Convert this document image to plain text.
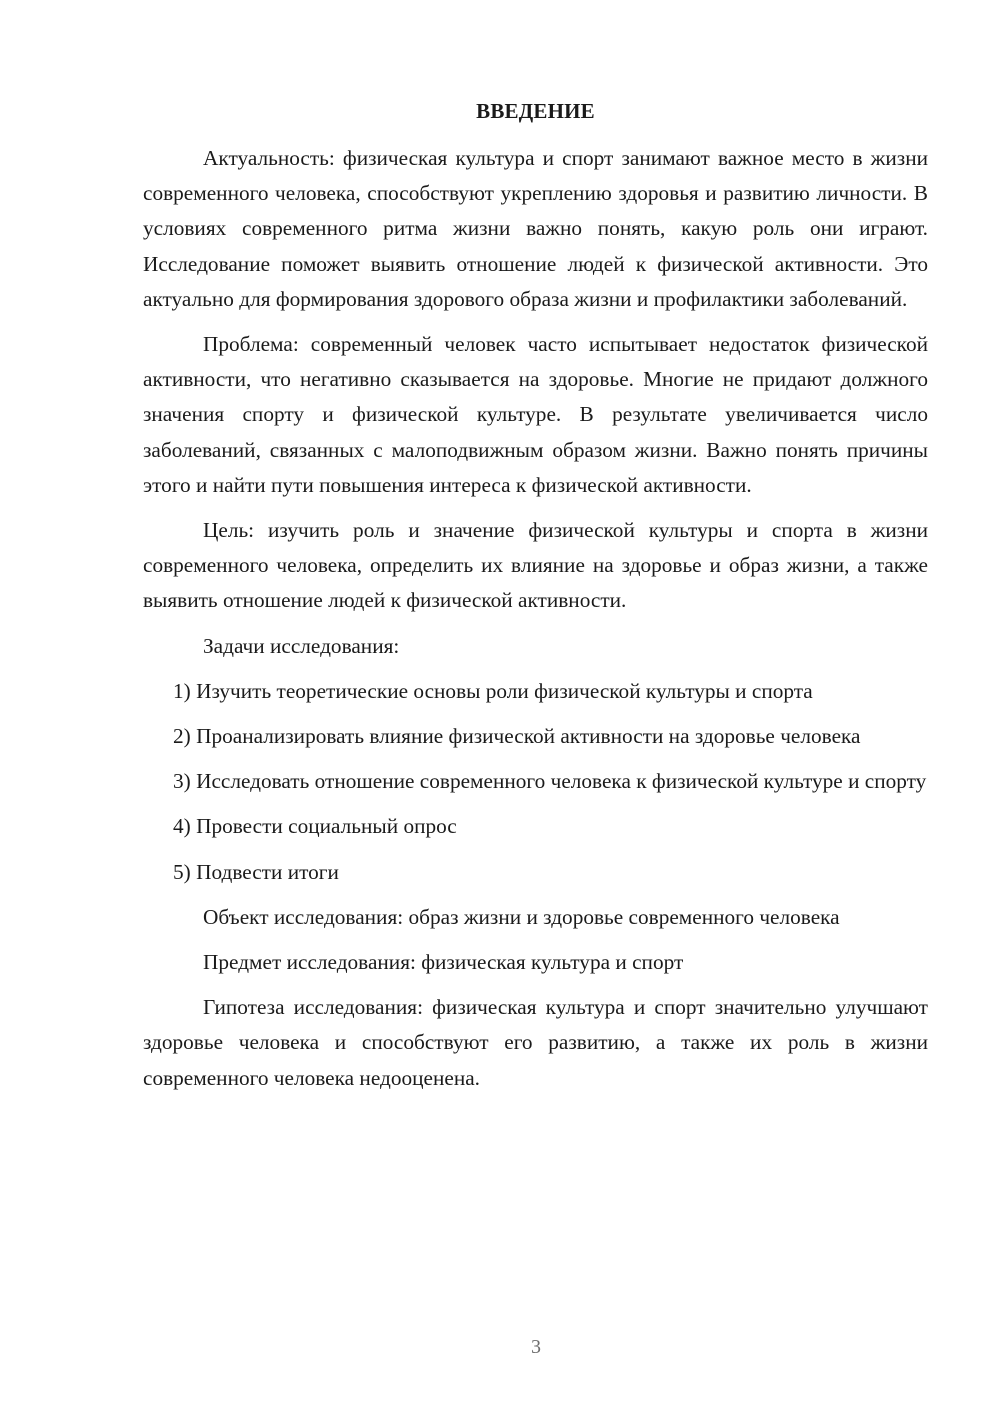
ВВЕДЕНИЕ

Актуальность: физическая культура и спорт занимают важное место в жизни современного человека, способствуют укреплению здоровья и развитию личности. В условиях современного ритма жизни важно понять, какую роль они играют. Исследование поможет выявить отношение людей к физической активности. Это актуально для формирования здорового образа жизни и профилактики заболеваний.

Проблема: современный человек часто испытывает недостаток физической активности, что негативно сказывается на здоровье. Многие не придают должного значения спорту и физической культуре. В результате увеличивается число заболеваний, связанных с малоподвижным образом жизни. Важно понять причины этого и найти пути повышения интереса к физической активности.

Цель: изучить роль и значение физической культуры и спорта в жизни современного человека, определить их влияние на здоровье и образ жизни, а также выявить отношение людей к физической активности.

Задачи исследования:

1) Изучить теоретические основы роли физической культуры и спорта

2) Проанализировать влияние физической активности на здоровье человека

3) Исследовать отношение современного человека к физической культуре и спорту

4) Провести социальный опрос

5) Подвести итоги

Объект исследования: образ жизни и здоровье современного человека

Предмет исследования: физическая культура и спорт

Гипотеза исследования: физическая культура и спорт значительно улучшают здоровье человека и способствуют его развитию, а также их роль в жизни современного человека недооценена.

3
